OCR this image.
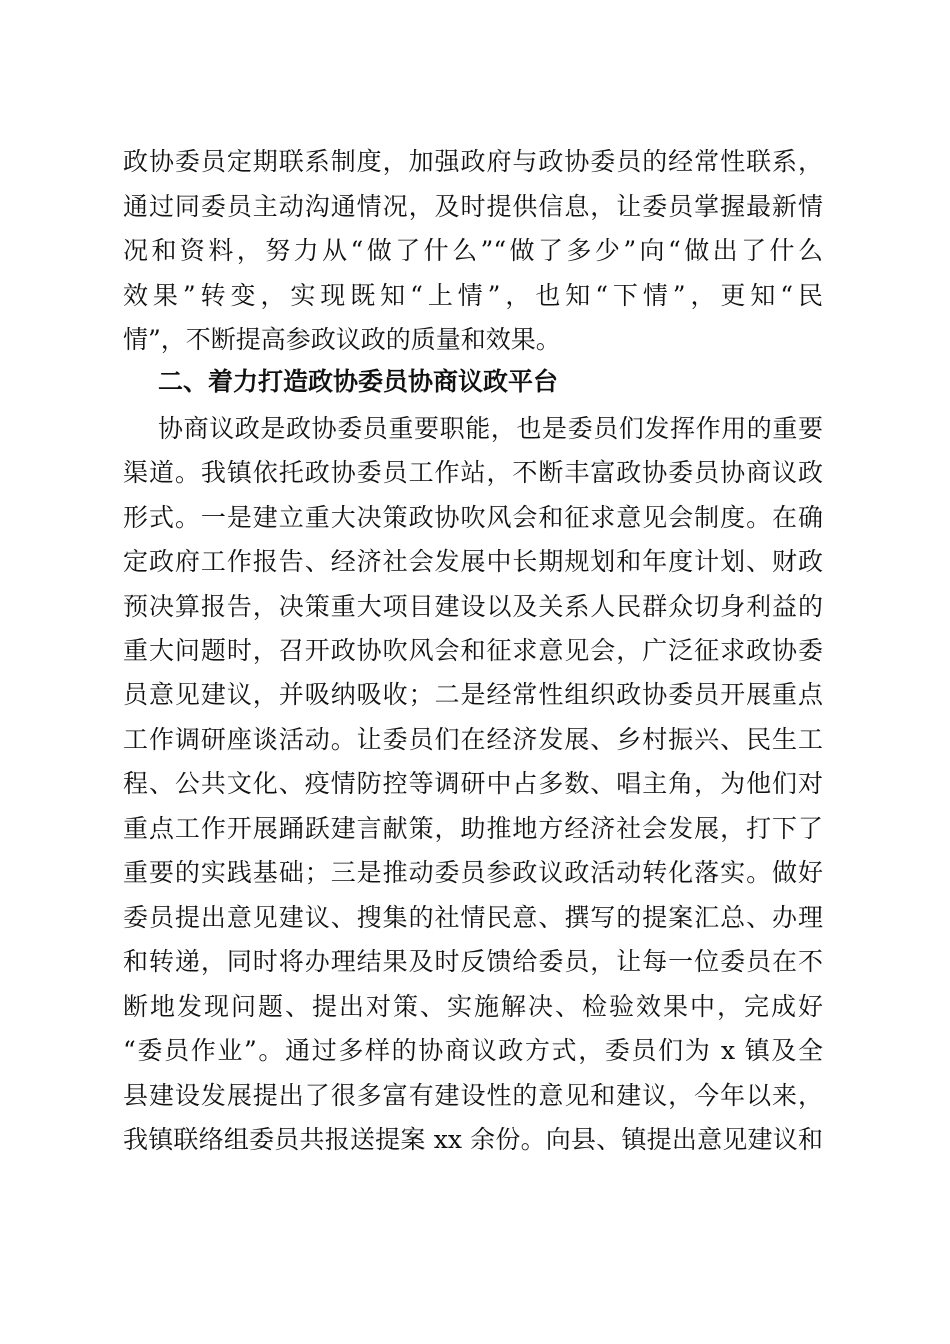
政协委员定期联系制度，加强政府与政协委员的经常性联系，
通过同委员主动沟通情况，及时提供信息，让委员掌握最新情
况和资料，努力从“做了什么”“做了多少”向“做出了什么
效果”转变，实现既知“上情”，也知“下情”，更知“民
情”，不断提高参政议政的质量和效果。
二、着力打造政协委员协商议政平台
协商议政是政协委员重要职能，也是委员们发挥作用的重要
渠道。我镇依托政协委员工作站，不断丰富政协委员协商议政
形式。一是建立重大决策政协吹风会和征求意见会制度。在确
定政府工作报告、经济社会发展中长期规划和年度计划、财政
预决算报告，决策重大项目建设以及关系人民群众切身利益的
重大问题时，召开政协吹风会和征求意见会，广泛征求政协委
员意见建议，并吸纳吸收；二是经常性组织政协委员开展重点
工作调研座谈活动。让委员们在经济发展、乡村振兴、民生工
程、公共文化、疫情防控等调研中占多数、唱主角，为他们对
重点工作开展踊跃建言献策，助推地方经济社会发展，打下了
重要的实践基础；三是推动委员参政议政活动转化落实。做好
委员提出意见建议、搜集的社情民意、撰写的提案汇总、办理
和转递，同时将办理结果及时反馈给委员，让每一位委员在不
断地发现问题、提出对策、实施解决、检验效果中，完成好
“委员作业”。通过多样的协商议政方式，委员们为 x 镇及全
县建设发展提出了很多富有建设性的意见和建议，今年以来，
我镇联络组委员共报送提案 xx 余份。向县、镇提出意见建议和
